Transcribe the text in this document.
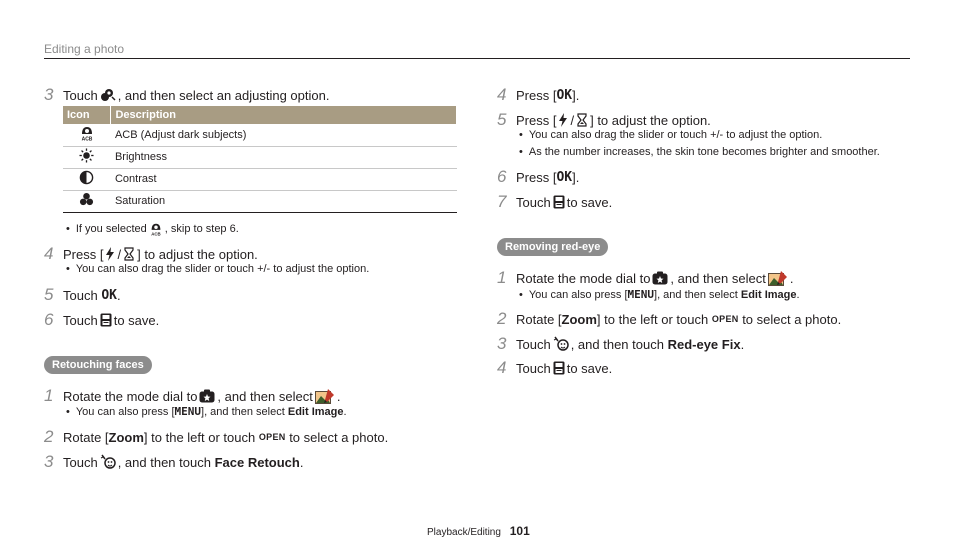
Editing a photo
3 Touch , and then select an adjusting option.
Icon	Description
	ACB (Adjust dark subjects)
	Brightness
	Contrast
	Saturation
• If you selected , skip to step 6.
4 Press [ / ] to adjust the option.
• You can also drag the slider or touch +/- to adjust the option.
5 Touch
OK .
6 Touch to save.
Retouching faces
1 Rotate the mode dial to , and then select .
• You can also press [ MENU ], and then select
Edit Image .
2 Rotate [ Zoom ] to the left or touch
OPEN
to select a photo.
3 Touch , and then touch
Face Retouch .
4 Press [ OK ].
5 Press [ / ] to adjust the option.
• You can also drag the slider or touch +/- to adjust the option.
• As the number increases, the skin tone becomes brighter and smoother.
6 Press [ OK ].
7 Touch to save.
Removing red-eye
1 Rotate the mode dial to , and then select .
• You can also press [ MENU ], and then select
Edit Image .
2 Rotate [ Zoom ] to the left or touch
OPEN
to select a photo.
3 Touch , and then touch
Red-eye Fix .
4 Touch to save.
Playback/Editing 101
